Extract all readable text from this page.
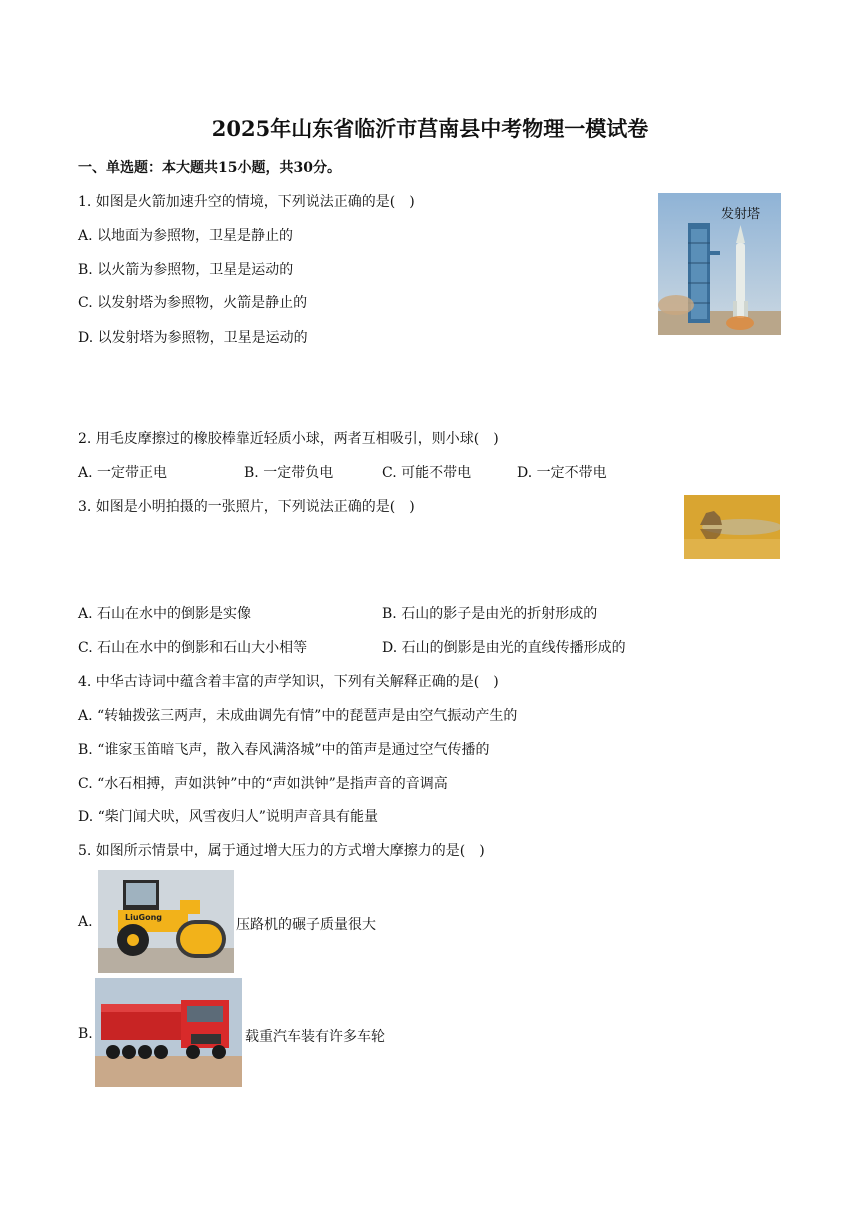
2025年山东省临沂市莒南县中考物理一模试卷
一、单选题：本大题共15小题，共30分。
1. 如图是火箭加速升空的情境，下列说法正确的是(　)
A. 以地面为参照物，卫星是静止的
B. 以火箭为参照物，卫星是运动的
C. 以发射塔为参照物，火箭是静止的
D. 以发射塔为参照物，卫星是运动的
发射塔
2. 用毛皮摩擦过的橡胶棒靠近轻质小球，两者互相吸引，则小球(　)
A. 一定带正电	B. 一定带负电	C. 可能不带电	D. 一定不带电
3. 如图是小明拍摄的一张照片，下列说法正确的是(　)
A. 石山在水中的倒影是实像	B. 石山的影子是由光的折射形成的
C. 石山在水中的倒影和石山大小相等	D. 石山的倒影是由光的直线传播形成的
4. 中华古诗词中蕴含着丰富的声学知识，下列有关解释正确的是(　)
A. “转轴拨弦三两声，未成曲调先有情”中的琵琶声是由空气振动产生的
B. “谁家玉笛暗飞声，散入春风满洛城”中的笛声是通过空气传播的
C. “水石相搏，声如洪钟”中的“声如洪钟”是指声音的音调高
D. “柴门闻犬吠，风雪夜归人”说明声音具有能量
5. 如图所示情景中，属于通过增大压力的方式增大摩擦力的是(　)
A.	LiuGong	压路机的碾子质量很大
B.	载重汽车装有许多车轮
